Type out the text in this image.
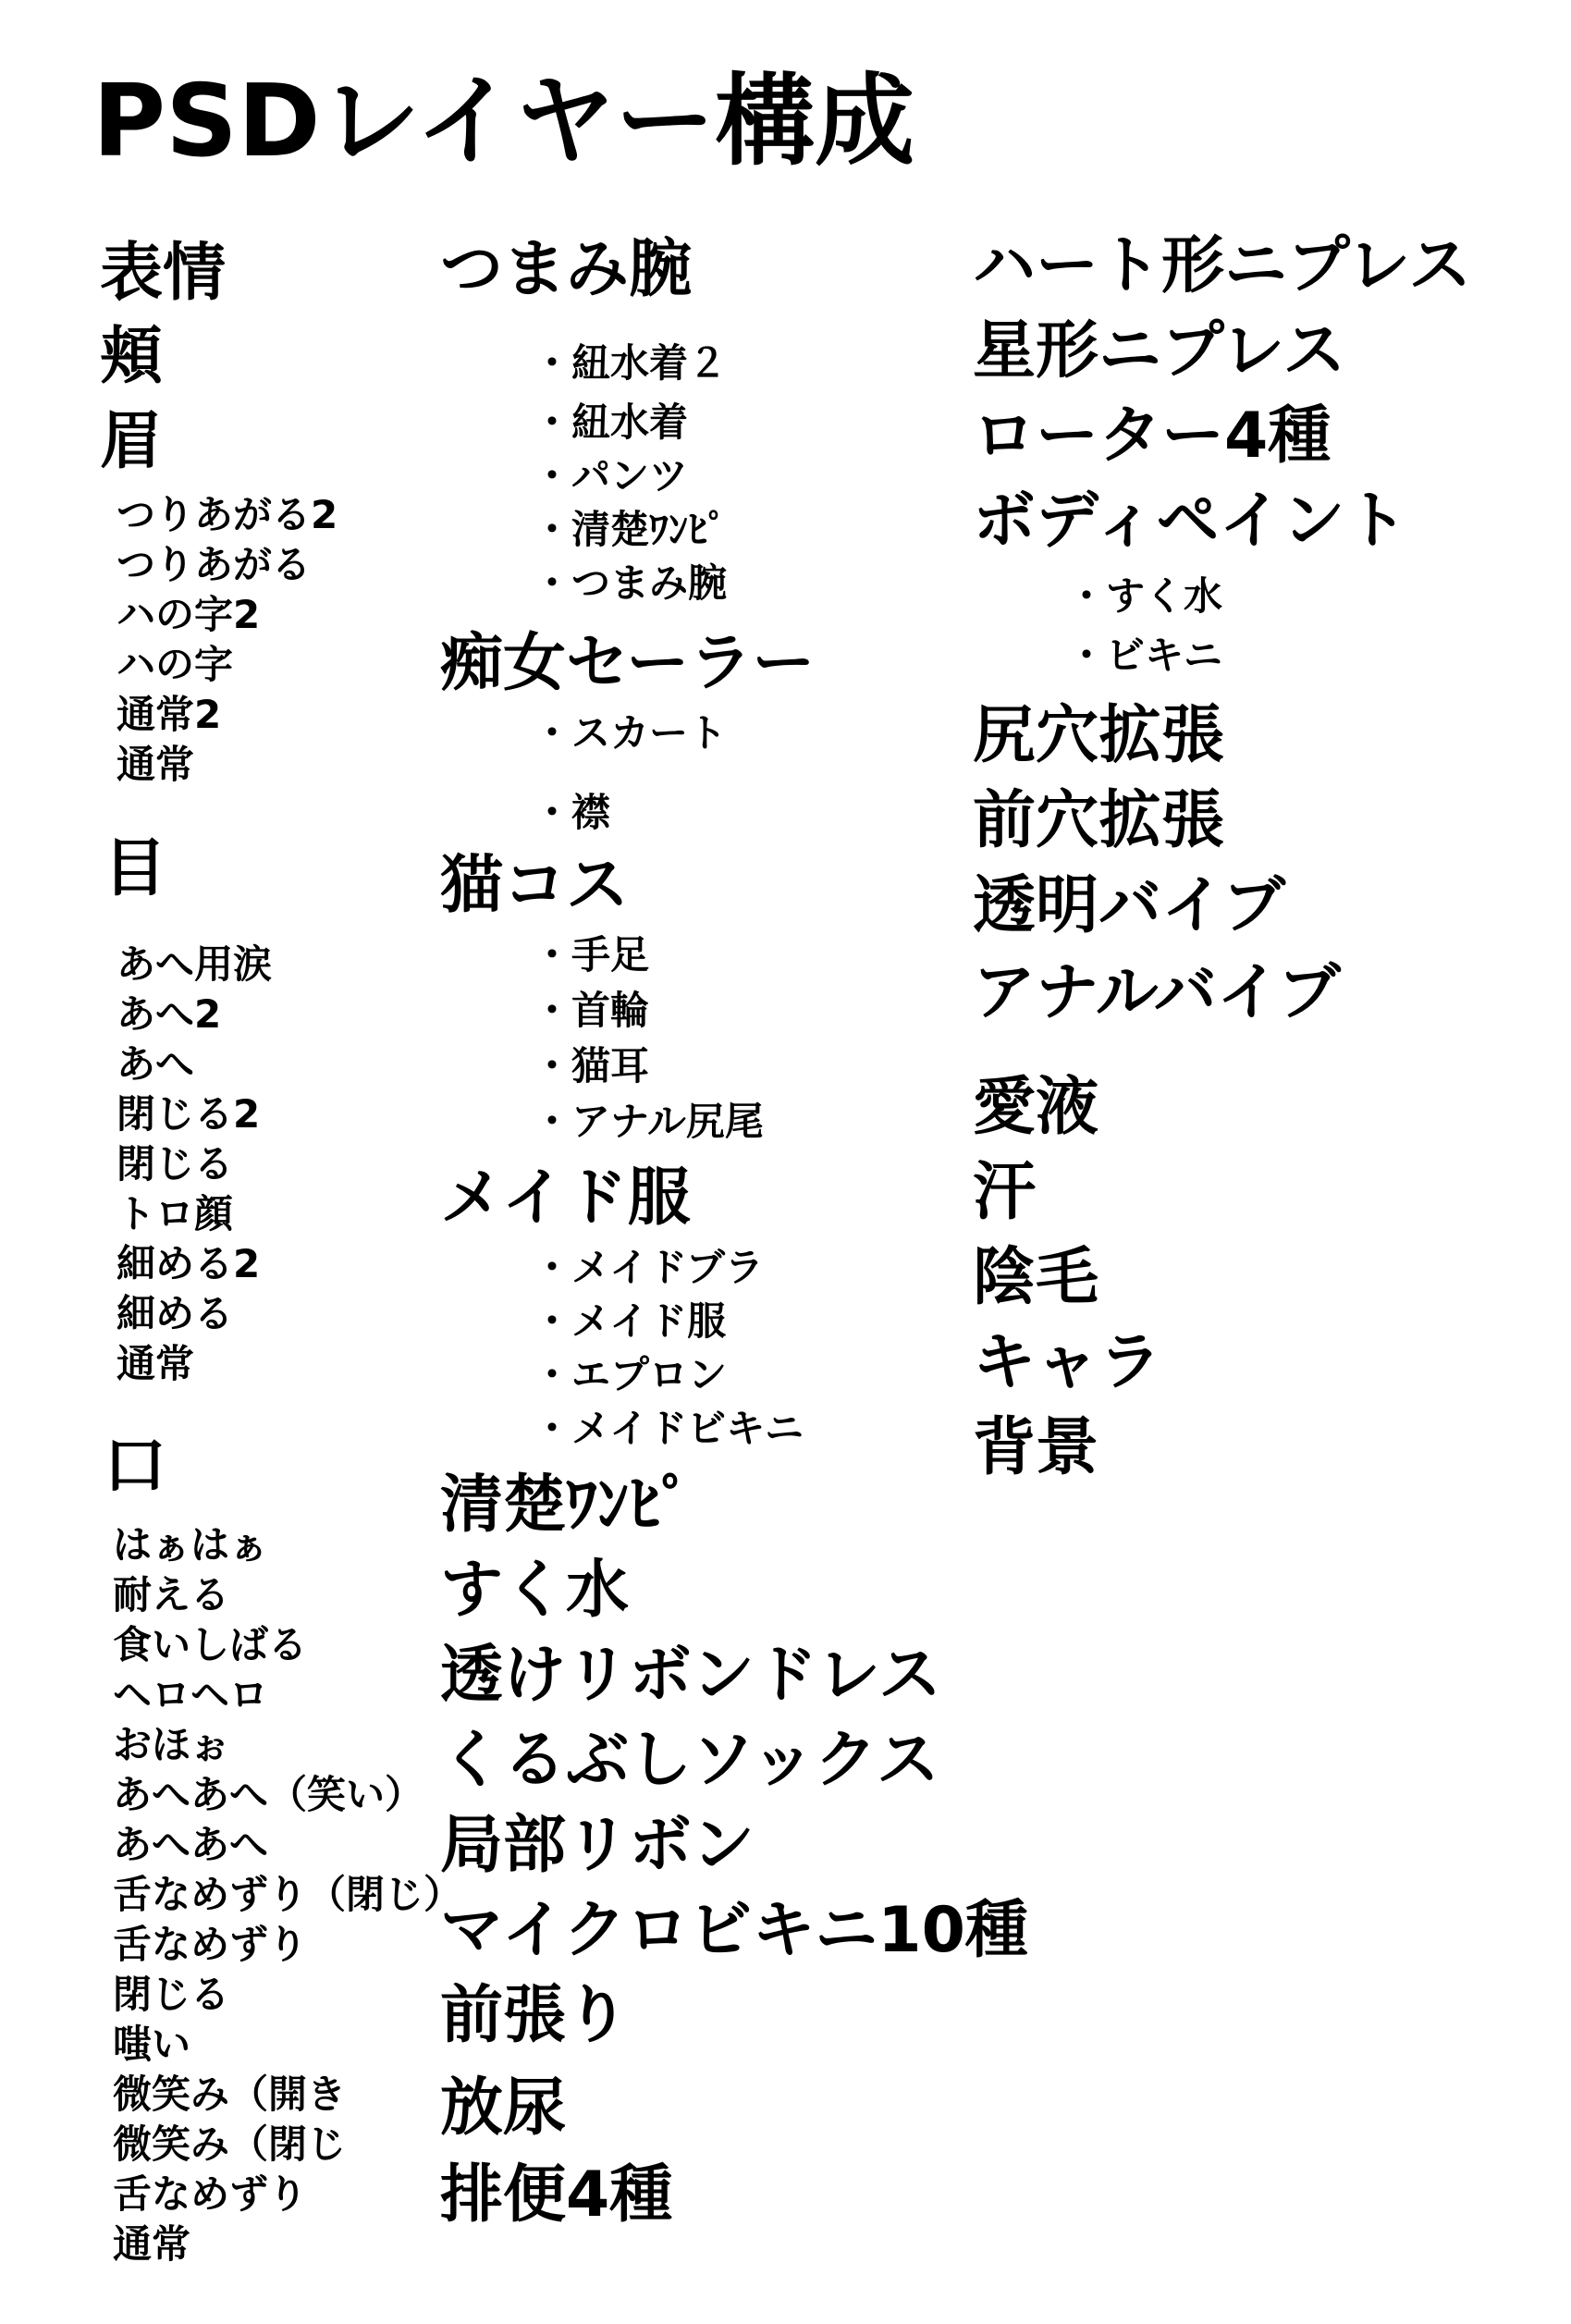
PSDレイヤー構成
表情
頬
眉
つりあがる2
つりあがる
ハの字2
ハの字
通常2
通常
目
あへ用涙
あへ2
あへ
閉じる2
閉じる
トロ顔
細める2
細める
通常
口
はぁはぁ
耐える
食いしばる
ヘロヘロ
おほぉ
あへあへ（笑い）
あへあへ
舌なめずり（閉じ）
舌なめずり
閉じる
嗤い
微笑み（開き
微笑み（閉じ
舌なめずり
通常
つまみ腕
・紐水着２
・紐水着
・パンツ
・清楚ﾜﾝﾋﾟ
・つまみ腕
痴女セーラー
・スカート
・襟
猫コス
・手足
・首輪
・猫耳
・アナル尻尾
メイド服
・メイドブラ
・メイド服
・エプロン
・メイドビキニ
清楚ﾜﾝﾋﾟ
すく水
透けリボンドレス
くるぶしソックス
局部リボン
マイクロビキニ10種
前張り
放尿
排便4種
ハート形ニプレス
星形ニプレス
ローター4種
ボディペイント
・すく水
・ビキニ
尻穴拡張
前穴拡張
透明バイブ
アナルバイブ
愛液
汗
陰毛
キャラ
背景
